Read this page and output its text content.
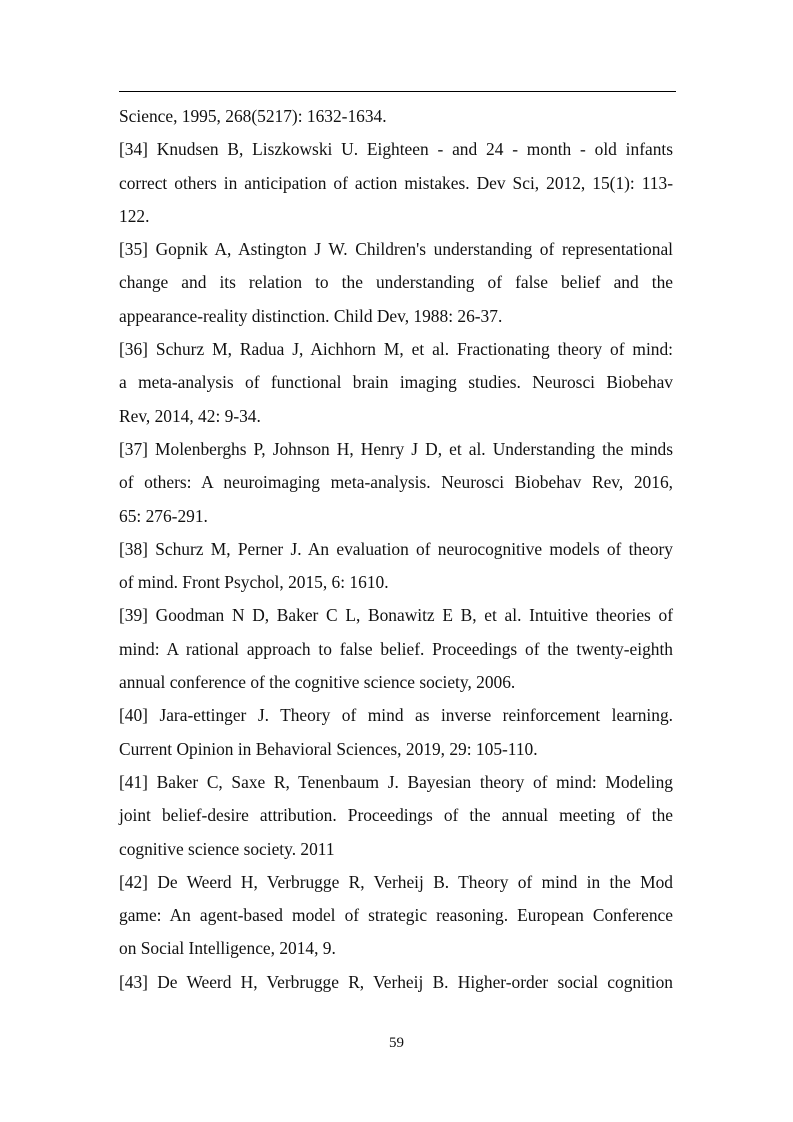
Science, 1995, 268(5217): 1632-1634.
[34] Knudsen B, Liszkowski U. Eighteen ‑ and 24 ‑ month ‑ old infants
correct others in anticipation of action mistakes. Dev Sci, 2012, 15(1): 113-
122.
[35] Gopnik A, Astington J W. Children's understanding of representational
change and its relation to the understanding of false belief and the
appearance-reality distinction. Child Dev, 1988: 26-37.
[36] Schurz M, Radua J, Aichhorn M, et al. Fractionating theory of mind:
a meta-analysis of functional brain imaging studies. Neurosci Biobehav
Rev, 2014, 42: 9-34.
[37] Molenberghs P, Johnson H, Henry J D, et al. Understanding the minds
of others: A neuroimaging meta-analysis. Neurosci Biobehav Rev, 2016,
65: 276-291.
[38] Schurz M, Perner J. An evaluation of neurocognitive models of theory
of mind. Front Psychol, 2015, 6: 1610.
[39] Goodman N D, Baker C L, Bonawitz E B, et al. Intuitive theories of
mind: A rational approach to false belief. Proceedings of the twenty-eighth
annual conference of the cognitive science society, 2006.
[40] Jara-ettinger J. Theory of mind as inverse reinforcement learning.
Current Opinion in Behavioral Sciences, 2019, 29: 105-110.
[41] Baker C, Saxe R, Tenenbaum J. Bayesian theory of mind: Modeling
joint belief-desire attribution. Proceedings of the annual meeting of the
cognitive science society. 2011
[42] De Weerd H, Verbrugge R, Verheij B. Theory of mind in the Mod
game: An agent-based model of strategic reasoning. European Conference
on Social Intelligence, 2014, 9.
[43] De Weerd H, Verbrugge R, Verheij B. Higher-order social cognition
59
